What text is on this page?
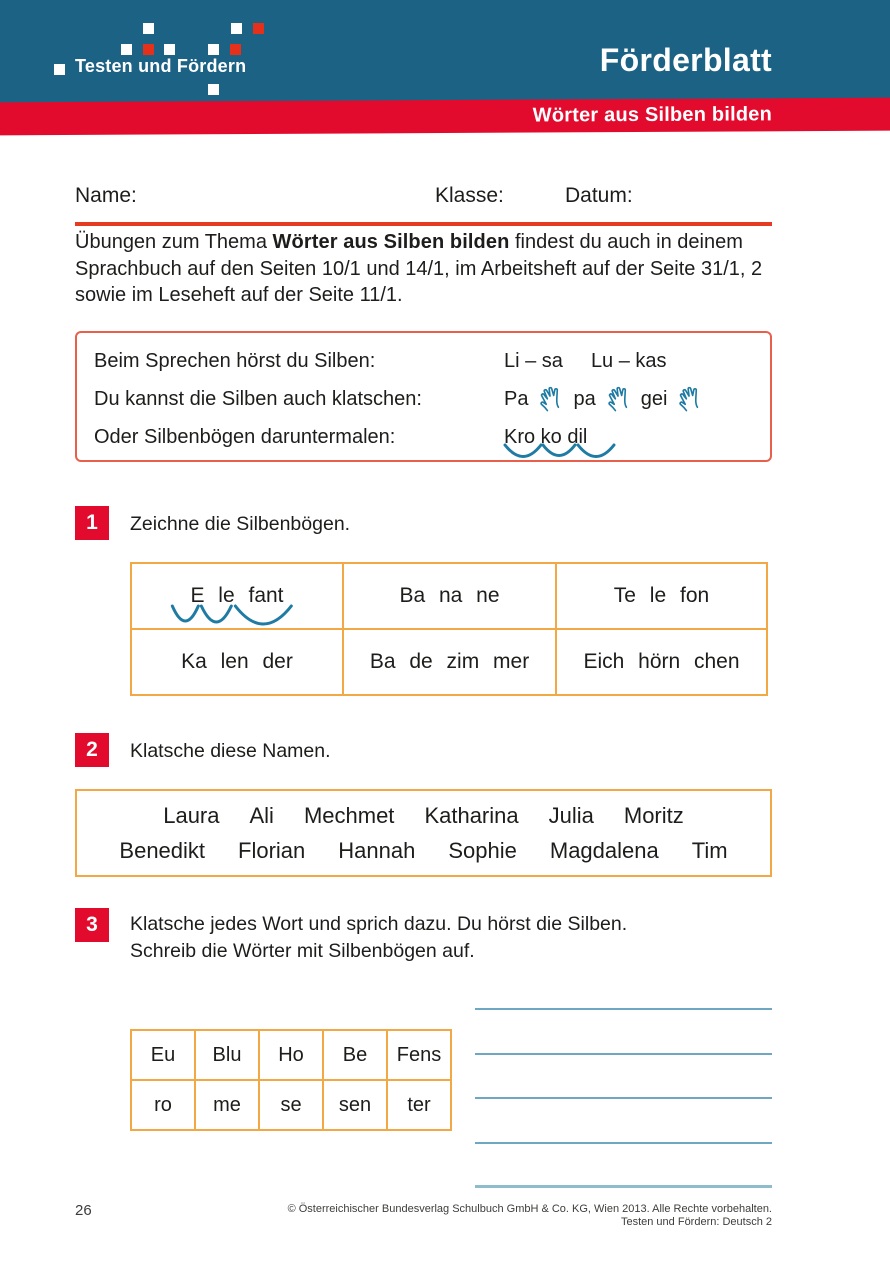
Testen und Fördern	Förderblatt
Wörter aus Silben bilden
Name:	Klasse:	Datum:

Übungen zum Thema Wörter aus Silben bilden findest du auch in deinem Sprachbuch auf den Seiten 10/1 und 14/1, im Arbeitsheft auf der Seite 31/1, 2 sowie im Leseheft auf der Seite 11/1.

Beim Sprechen hörst du Silben:	Li – sa Lu – kas
Du kannst die Silben auch klatschen:	Pa pa gei
Oder Silbenbögen daruntermalen:	Kro ko dil
1	Zeichne die Silbenbögen.
E le fant	Ba na ne	Te le fon
Ka len der	Ba de zim mer	Eich hörn chen
2	Klatsche diese Namen.
Laura Ali Mechmet Katharina Julia Moritz
Benedikt Florian Hannah Sophie Magdalena Tim
3	Klatsche jedes Wort und sprich dazu. Du hörst die Silben.
Schreib die Wörter mit Silbenbögen auf.
Eu Blu Ho Be Fens
ro me se sen ter
26	© Österreichischer Bundesverlag Schulbuch GmbH & Co. KG, Wien 2013. Alle Rechte vorbehalten.
Testen und Fördern: Deutsch 2
